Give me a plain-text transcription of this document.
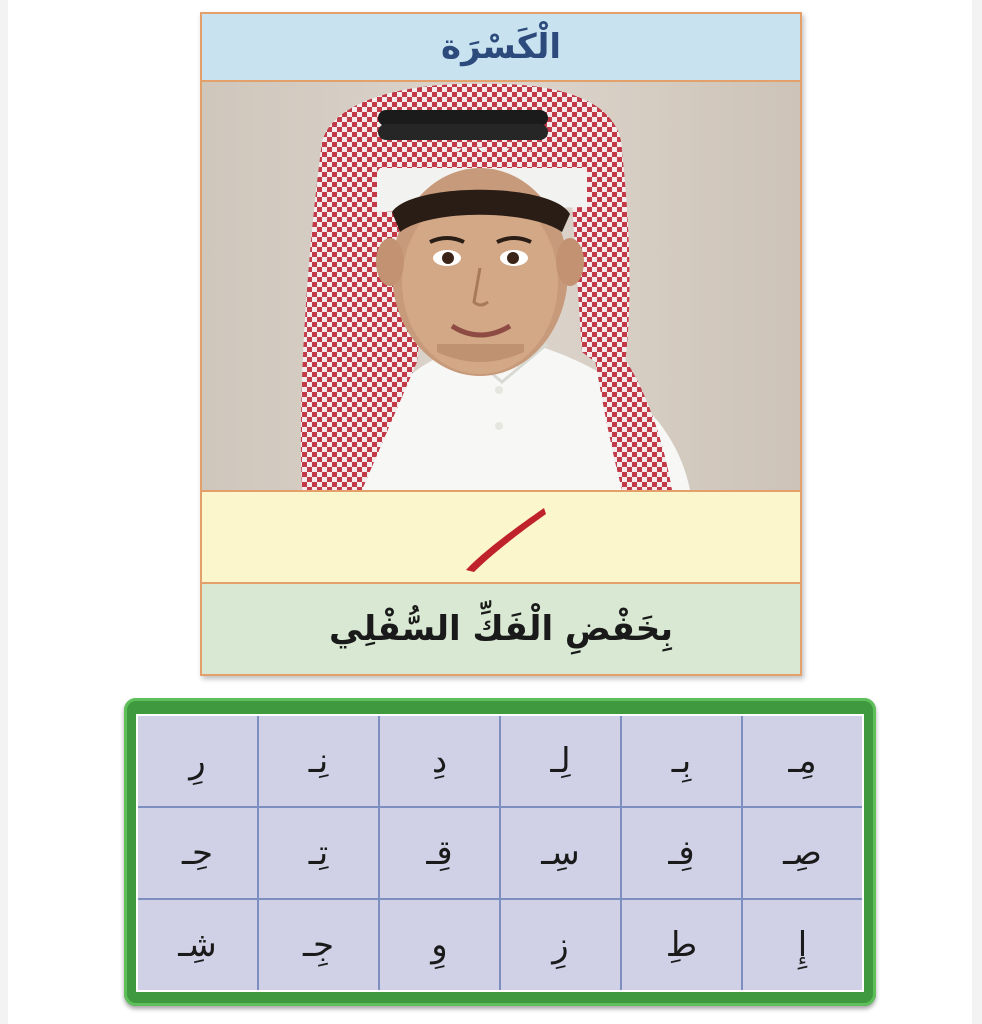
الْكَسْرَة
بِخَفْضِ الْفَكِّ السُّفْلِي
مِـ
بِـ
لِـ
دِ
نِـ
رِ
صِـ
فِـ
سِـ
قِـ
تِـ
حِـ
إِ
طِ
زِ
وِ
جِـ
شِـ
